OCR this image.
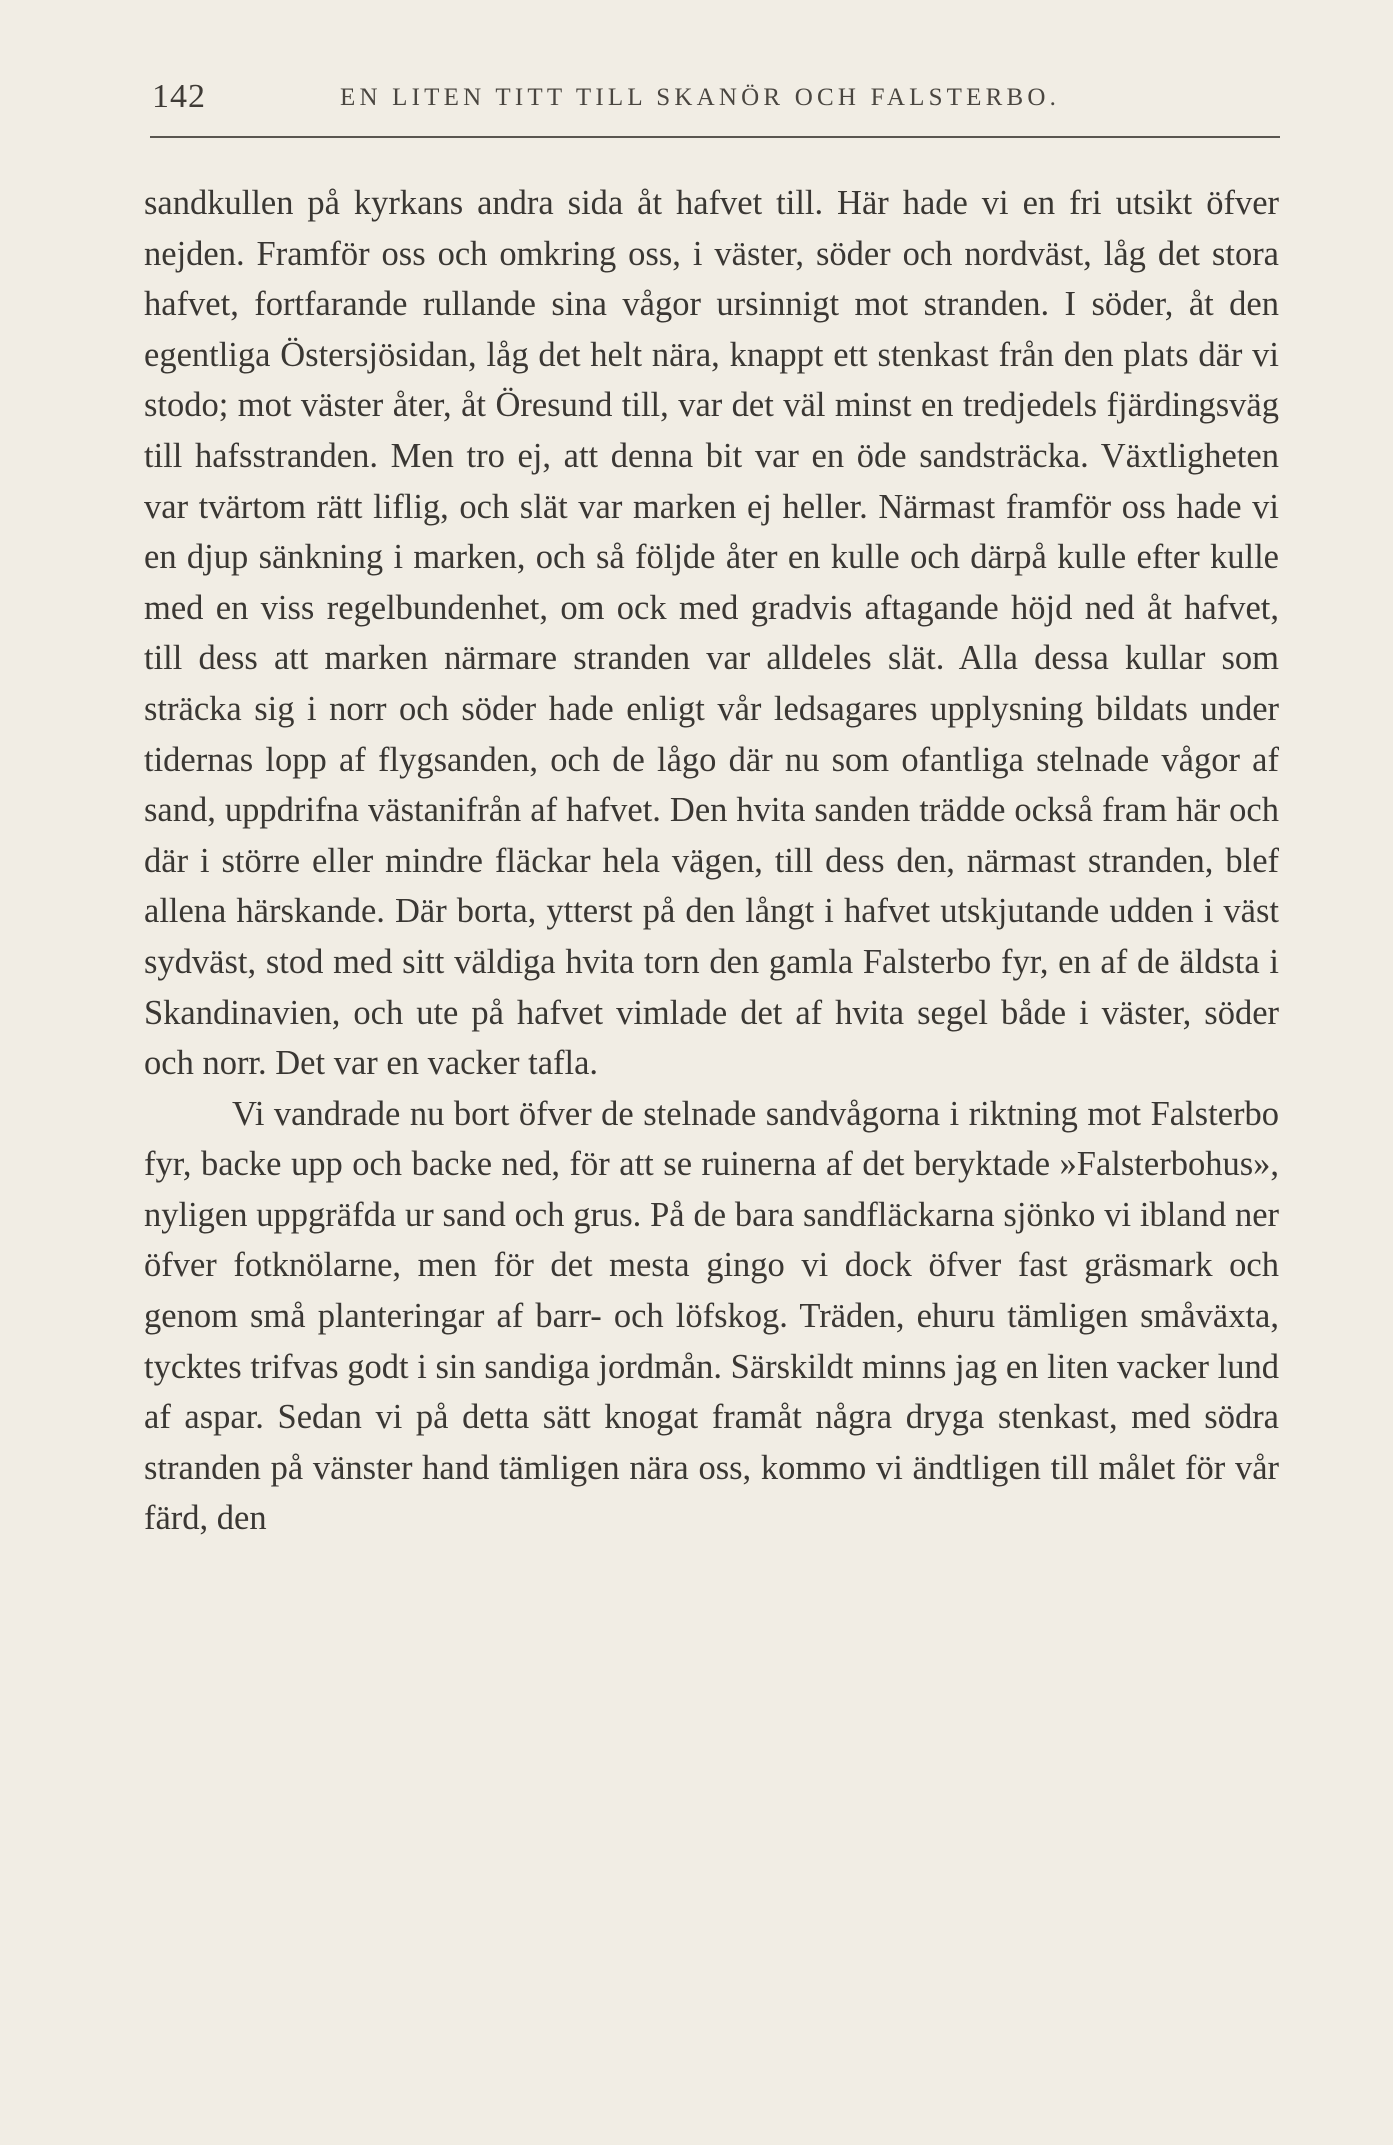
142	EN LITEN TITT TILL SKANÖR OCH FALSTERBO.

sandkullen på kyrkans andra sida åt hafvet till. Här hade vi en fri utsikt öfver nejden. Framför oss och omkring oss, i väster, söder och nordväst, låg det stora hafvet, fortfarande rullande sina vågor ursinnigt mot stranden. I söder, åt den egentliga Östersjösidan, låg det helt nära, knappt ett stenkast från den plats där vi stodo; mot väster åter, åt Öresund till, var det väl minst en tredjedels fjärdingsväg till hafsstranden. Men tro ej, att denna bit var en öde sandsträcka. Växtligheten var tvärtom rätt liflig, och slät var marken ej heller. Närmast framför oss hade vi en djup sänkning i marken, och så följde åter en kulle och därpå kulle efter kulle med en viss regelbundenhet, om ock med gradvis aftagande höjd ned åt hafvet, till dess att marken närmare stranden var alldeles slät. Alla dessa kullar som sträcka sig i norr och söder hade enligt vår ledsagares upplysning bildats under tidernas lopp af flygsanden, och de lågo där nu som ofantliga stelnade vågor af sand, uppdrifna västanifrån af hafvet. Den hvita sanden trädde också fram här och där i större eller mindre fläckar hela vägen, till dess den, närmast stranden, blef allena härskande. Där borta, ytterst på den långt i hafvet utskjutande udden i väst sydväst, stod med sitt väldiga hvita torn den gamla Falsterbo fyr, en af de äldsta i Skandinavien, och ute på hafvet vimlade det af hvita segel både i väster, söder och norr. Det var en vacker tafla.

Vi vandrade nu bort öfver de stelnade sandvågorna i riktning mot Falsterbo fyr, backe upp och backe ned, för att se ruinerna af det beryktade »Falsterbohus», nyligen uppgräfda ur sand och grus. På de bara sandfläckarna sjönko vi ibland ner öfver fotknölarne, men för det mesta gingo vi dock öfver fast gräsmark och genom små planteringar af barr- och löfskog. Träden, ehuru tämligen småväxta, tycktes trifvas godt i sin sandiga jordmån. Särskildt minns jag en liten vacker lund af aspar. Sedan vi på detta sätt knogat framåt några dryga stenkast, med södra stranden på vänster hand tämligen nära oss, kommo vi ändtligen till målet för vår färd, den
